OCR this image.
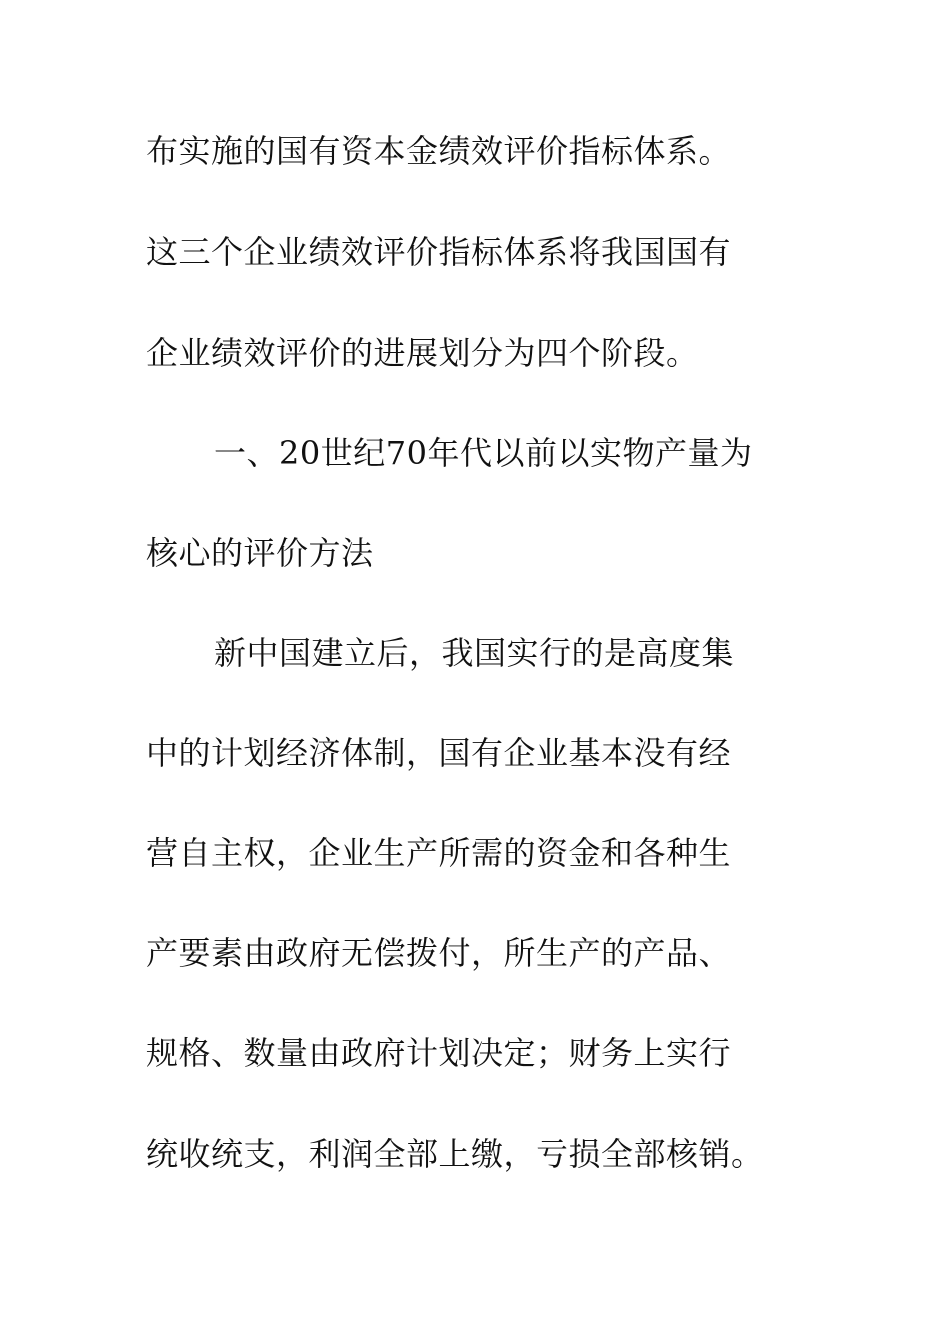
布实施的国有资本金绩效评价指标体系。

这三个企业绩效评价指标体系将我国国有

企业绩效评价的进展划分为四个阶段。

一、20世纪70年代以前以实物产量为

核心的评价方法

新中国建立后，我国实行的是高度集

中的计划经济体制，国有企业基本没有经

营自主权，企业生产所需的资金和各种生

产要素由政府无偿拨付，所生产的产品、

规格、数量由政府计划决定；财务上实行

统收统支，利润全部上缴，亏损全部核销。
